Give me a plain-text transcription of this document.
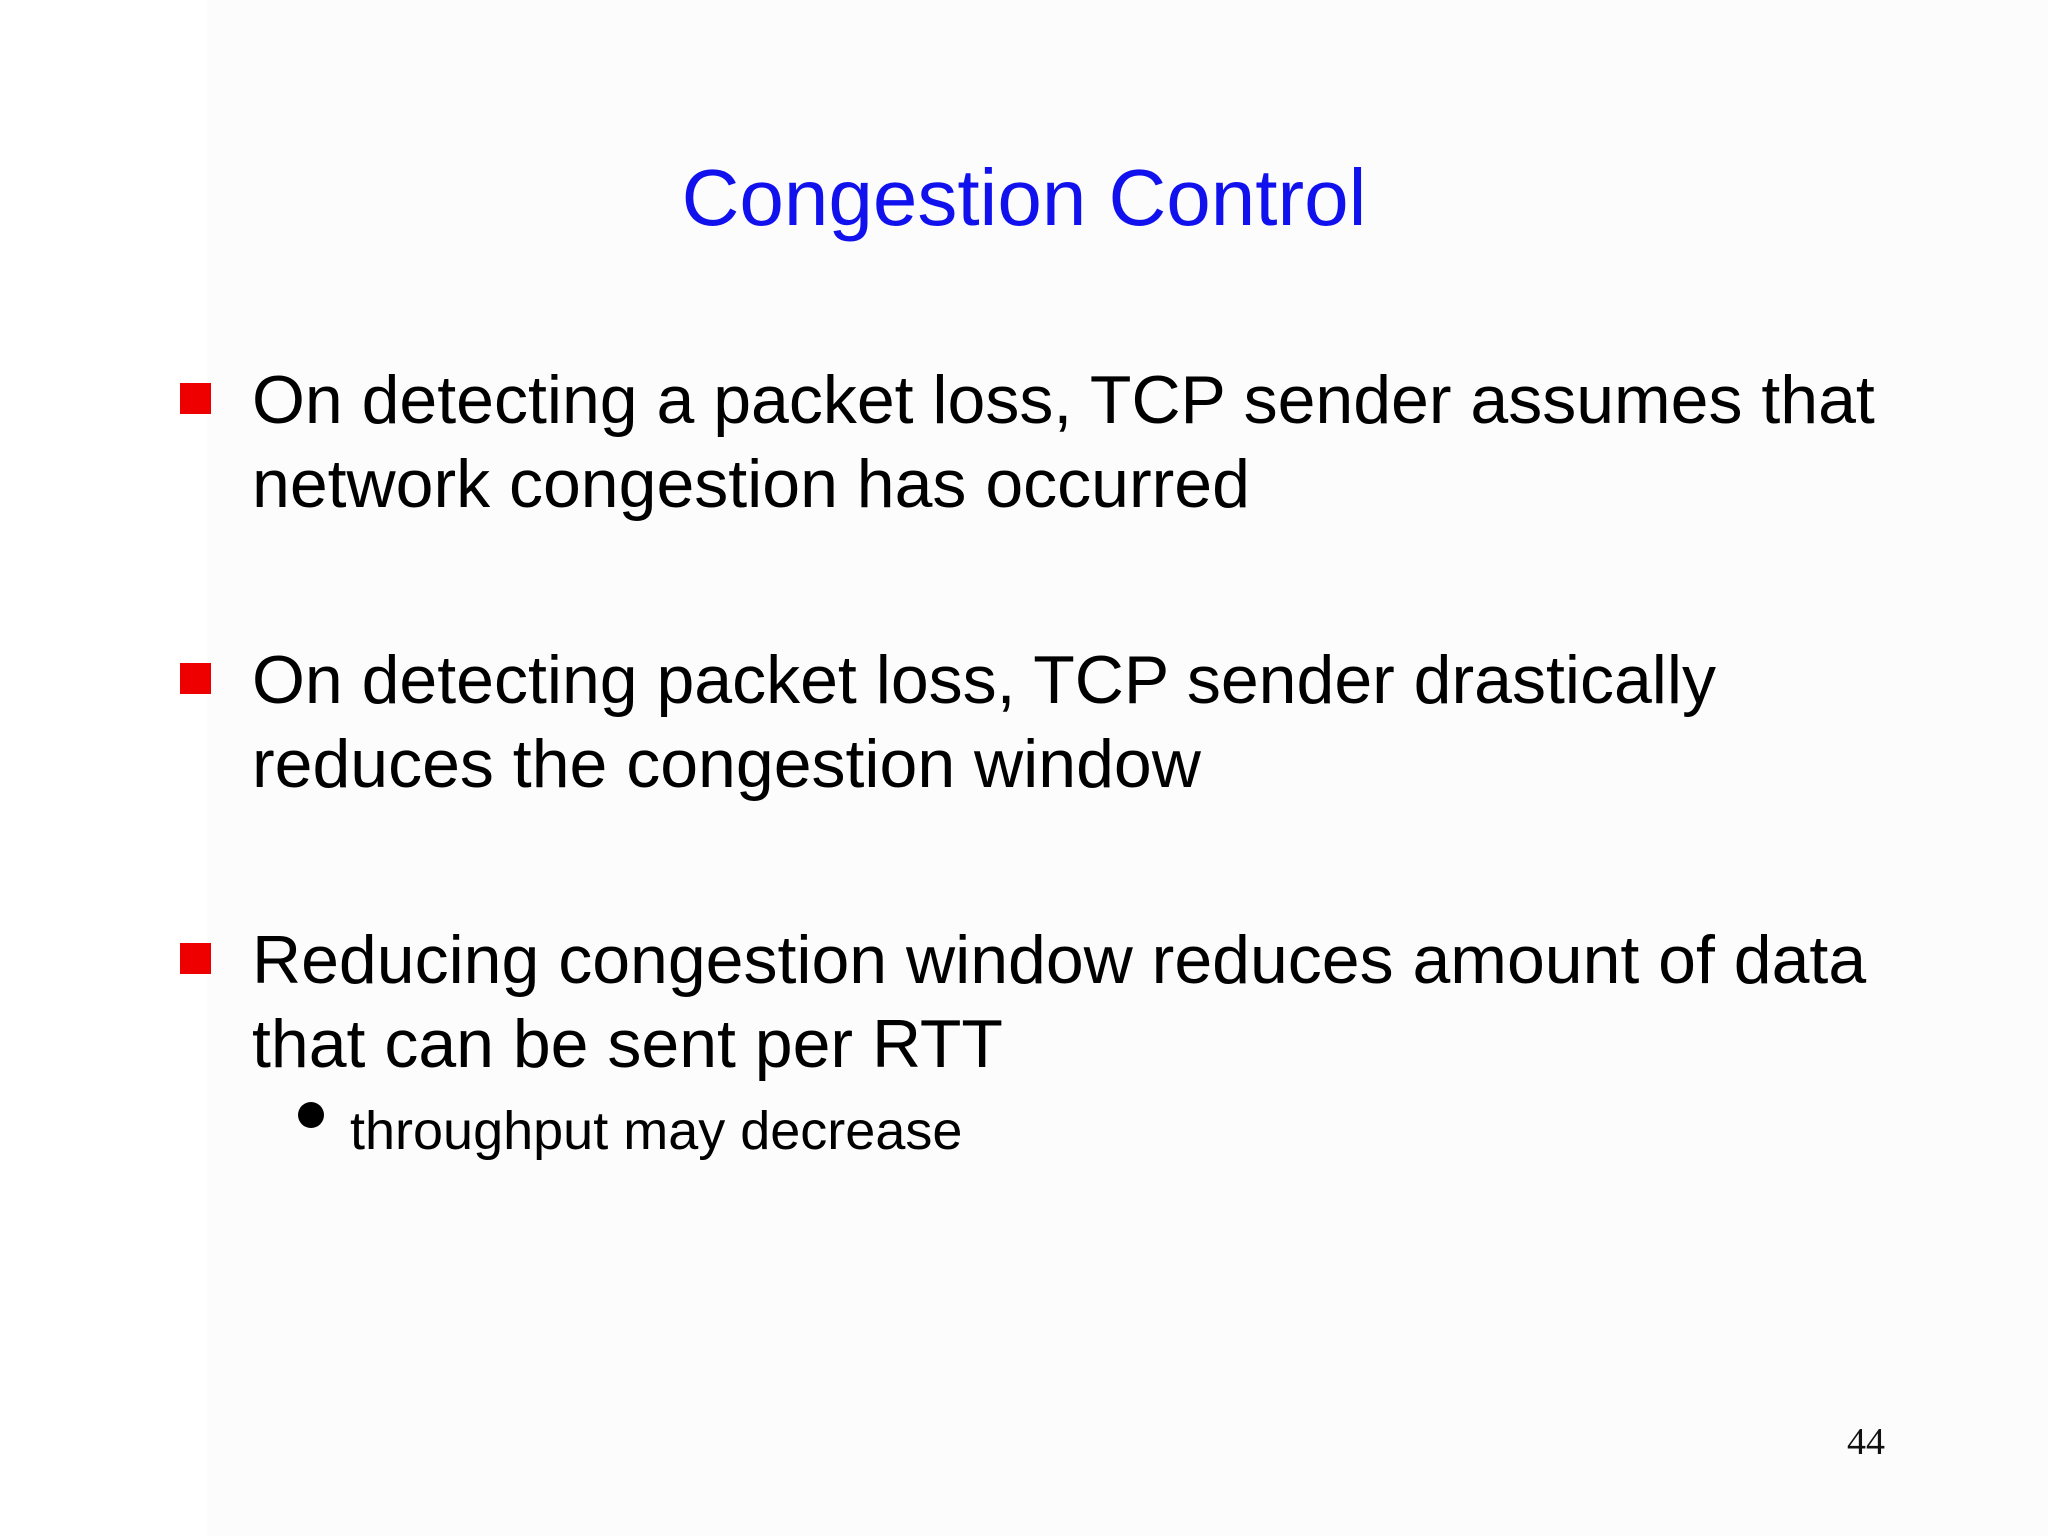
Congestion Control
On detecting a packet loss, TCP sender assumes that network congestion has occurred
On detecting packet loss, TCP sender drastically reduces the congestion window
Reducing congestion window reduces amount of data that can be sent per RTT
throughput may decrease
44
